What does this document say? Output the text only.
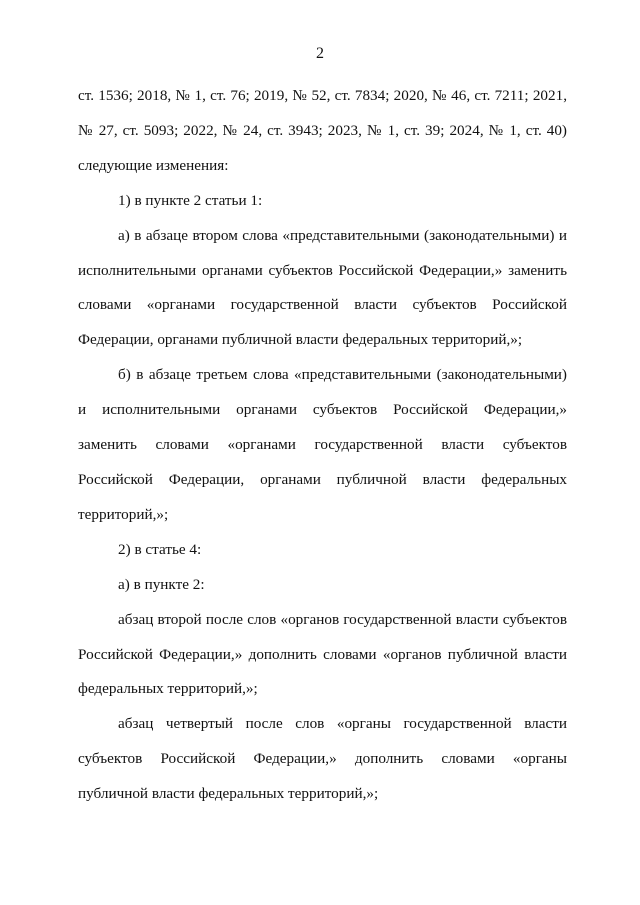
2

ст. 1536; 2018, № 1, ст. 76; 2019, № 52, ст. 7834; 2020, № 46, ст. 7211; 2021, № 27, ст. 5093; 2022, № 24, ст. 3943; 2023, № 1, ст. 39; 2024, № 1, ст. 40) следующие изменения:

1) в пункте 2 статьи 1:

а) в абзаце втором слова «представительными (законодательными) и исполнительными органами субъектов Российской Федерации,» заменить словами «органами государственной власти субъектов Российской Федерации, органами публичной власти федеральных территорий,»;

б) в абзаце третьем слова «представительными (законодательными) и исполнительными органами субъектов Российской Федерации,» заменить словами «органами государственной власти субъектов Российской Федерации, органами публичной власти федеральных территорий,»;

2) в статье 4:

а) в пункте 2:

абзац второй после слов «органов государственной власти субъектов Российской Федерации,» дополнить словами «органов публичной власти федеральных территорий,»;

абзац четвертый после слов «органы государственной власти субъектов Российской Федерации,» дополнить словами «органы публичной власти федеральных территорий,»;
